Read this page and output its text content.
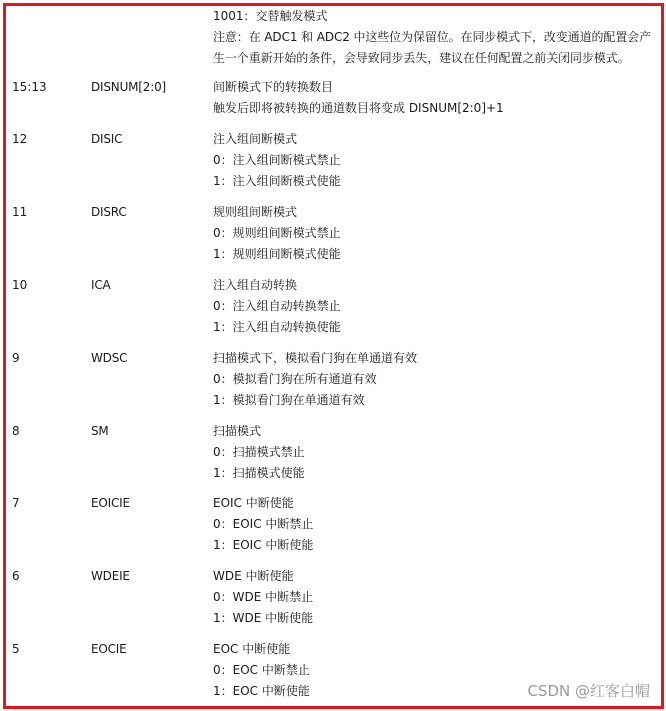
1001：交替触发模式
注意：在 ADC1 和 ADC2 中这些位为保留位。在同步模式下，改变通道的配置会产
生一个重新开始的条件，会导致同步丢失，建议在任何配置之前关闭同步模式。
15:13	DISNUM[2:0]	间断模式下的转换数目
触发后即将被转换的通道数目将变成 DISNUM[2:0]+1
12	DISIC	注入组间断模式
0：注入组间断模式禁止
1：注入组间断模式使能
11	DISRC	规则组间断模式
0：规则组间断模式禁止
1：规则组间断模式使能
10	ICA	注入组自动转换
0：注入组自动转换禁止
1：注入组自动转换使能
9	WDSC	扫描模式下，模拟看门狗在单通道有效
0：模拟看门狗在所有通道有效
1：模拟看门狗在单通道有效
8	SM	扫描模式
0：扫描模式禁止
1：扫描模式使能
7	EOICIE	EOIC 中断使能
0：EOIC 中断禁止
1：EOIC 中断使能
6	WDEIE	WDE 中断使能
0：WDE 中断禁止
1：WDE 中断使能
5	EOCIE	EOC 中断使能
0：EOC 中断禁止
1：EOC 中断使能	CSDN @红客白帽
